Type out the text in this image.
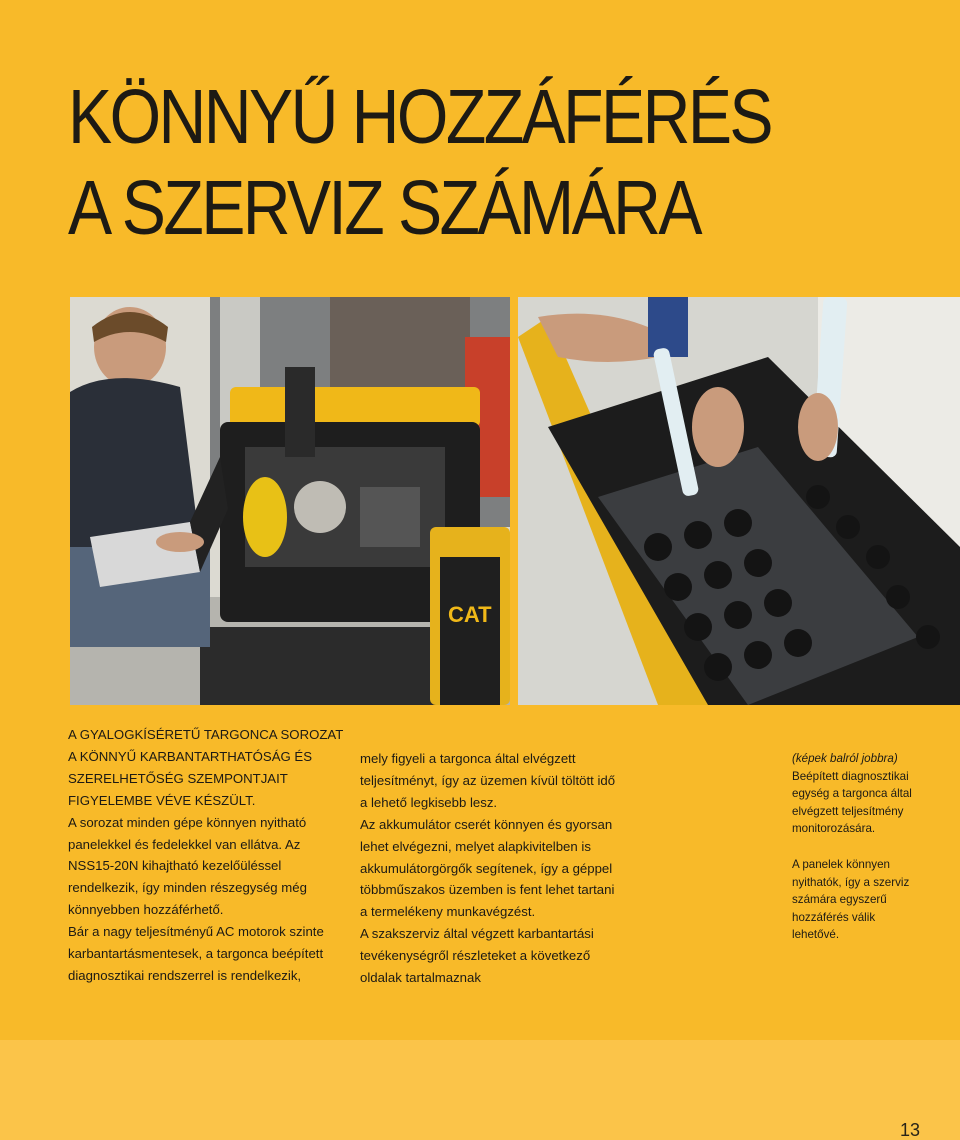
KÖNNYŰ HOZZÁFÉRÉS
A SZERVIZ SZÁMÁRA
CAT
A GYALOGKÍSÉRETŰ TARGONCA SOROZAT
A KÖNNYŰ KARBANTARTHATÓSÁG ÉS
SZERELHETŐSÉG SZEMPONTJAIT
FIGYELEMBE VÉVE KÉSZÜLT.
A sorozat minden gépe könnyen nyitható
panelekkel és fedelekkel van ellátva. Az
NSS15-20N kihajtható kezelőüléssel
rendelkezik, így minden részegység még
könnyebben hozzáférhető.
Bár a nagy teljesítményű AC motorok szinte
karbantartásmentesek, a targonca beépített
diagnosztikai rendszerrel is rendelkezik,
mely figyeli a targonca által elvégzett
teljesítményt, így az üzemen kívül töltött idő
a lehető legkisebb lesz.
Az akkumulátor cserét könnyen és gyorsan
lehet elvégezni, melyet alapkivitelben is
akkumulátorgörgők segítenek, így a géppel
többműszakos üzemben is fent lehet tartani
a termelékeny munkavégzést.
A szakszerviz által végzett karbantartási
tevékenységről részleteket a következő
oldalak tartalmaznak
(képek balról jobbra)
Beépített diagnosztikai
egység a targonca által
elvégzett teljesítmény
monitorozására.
A panelek könnyen
nyithatók, így a szerviz
számára egyszerű
hozzáférés válik
lehetővé.
13
